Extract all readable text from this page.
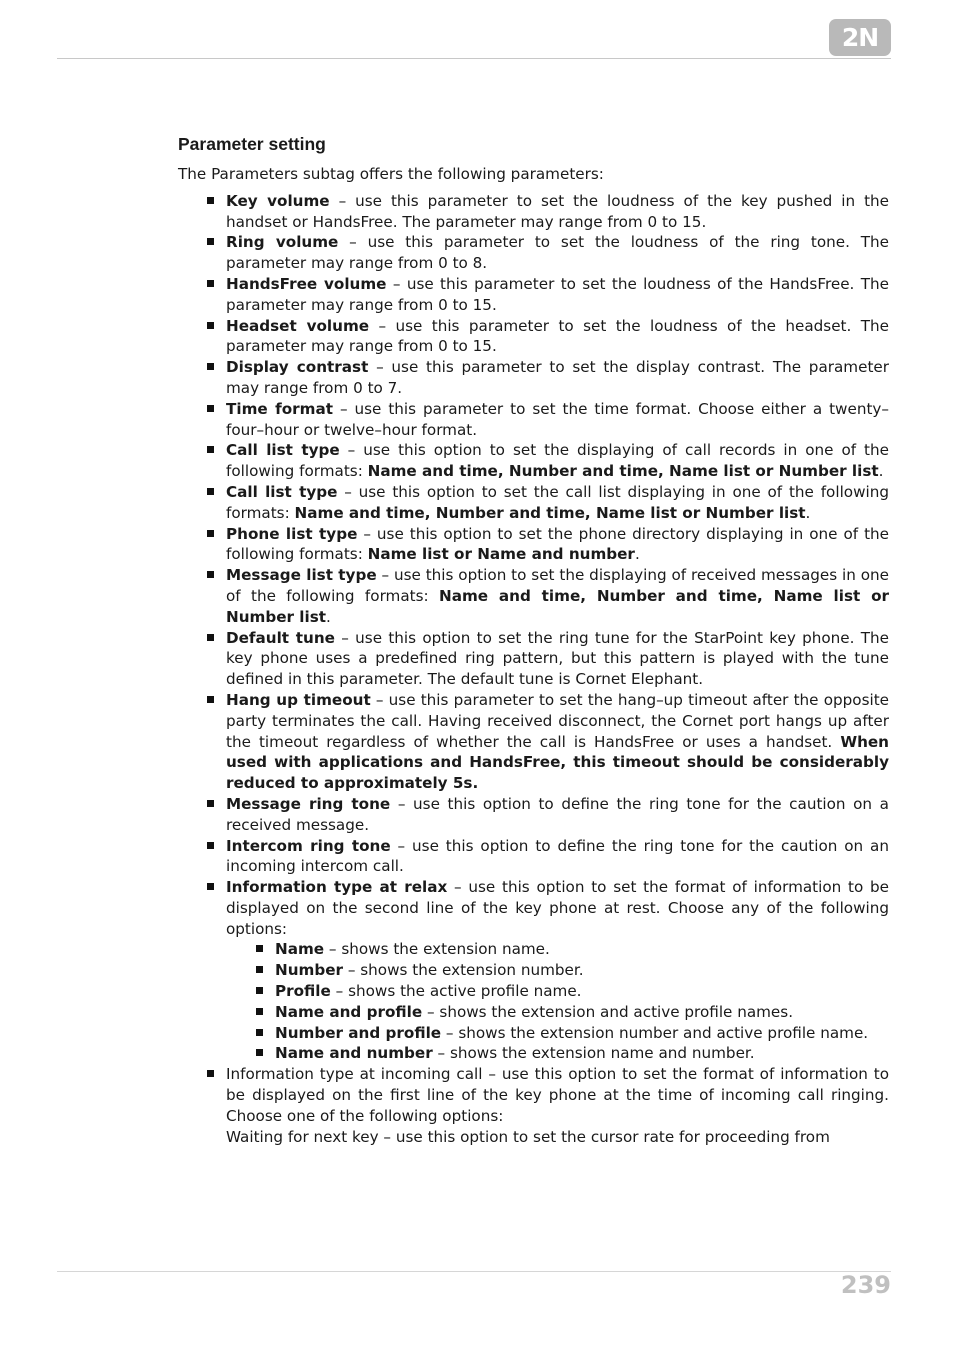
2N
Parameter setting

The Parameters subtag offers the following parameters:

Key volume – use this parameter to set the loudness of the key pushed in the handset or HandsFree. The parameter may range from 0 to 15.
Ring volume – use this parameter to set the loudness of the ring tone. The parameter may range from 0 to 8.
HandsFree volume – use this parameter to set the loudness of the HandsFree. The parameter may range from 0 to 15.
Headset volume – use this parameter to set the loudness of the headset. The parameter may range from 0 to 15.
Display contrast – use this parameter to set the display contrast. The parameter may range from 0 to 7.
Time format – use this parameter to set the time format. Choose either a twenty–four–hour or twelve–hour format.
Call list type – use this option to set the displaying of call records in one of the following formats: Name and time, Number and time, Name list or Number list.
Call list type – use this option to set the call list displaying in one of the following formats: Name and time, Number and time, Name list or Number list.
Phone list type – use this option to set the phone directory displaying in one of the following formats: Name list or Name and number.
Message list type – use this option to set the displaying of received messages in one of the following formats: Name and time, Number and time, Name list or Number list.
Default tune – use this option to set the ring tune for the StarPoint key phone. The key phone uses a predefined ring pattern, but this pattern is played with the tune defined in this parameter. The default tune is Cornet Elephant.
Hang up timeout – use this parameter to set the hang–up timeout after the opposite party terminates the call. Having received disconnect, the Cornet port hangs up after the timeout regardless of whether the call is HandsFree or uses a handset. When used with applications and HandsFree, this timeout should be considerably reduced to approximately 5s.
Message ring tone – use this option to define the ring tone for the caution on a received message.
Intercom ring tone – use this option to define the ring tone for the caution on an incoming intercom call.
Information type at relax – use this option to set the format of information to be displayed on the second line of the key phone at rest. Choose any of the following options:
Name – shows the extension name.
Number – shows the extension number.
Profile – shows the active profile name.
Name and profile – shows the extension and active profile names.
Number and profile – shows the extension number and active profile name.
Name and number – shows the extension name and number.
Information type at incoming call – use this option to set the format of information to be displayed on the first line of the key phone at the time of incoming call ringing. Choose one of the following options:

Waiting for next key – use this option to set the cursor rate for proceeding from

239
